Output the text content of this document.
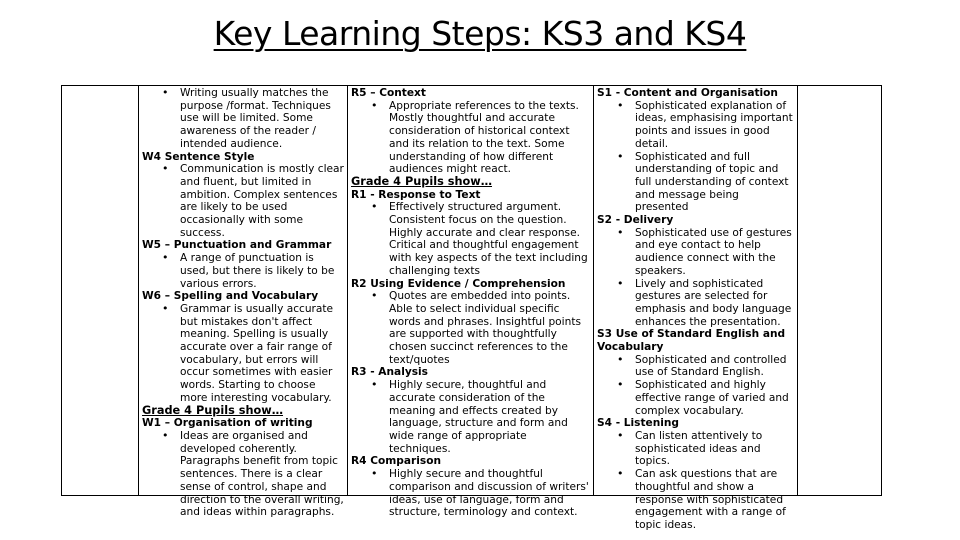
Key Learning Steps: KS3 and KS4
• Writing usually matches the purpose /format. Techniques use will be limited. Some awareness of the reader / intended audience.
W4 Sentence Style
• Communication is mostly clear and fluent, but limited in ambition. Complex sentences are likely to be used occasionally with some success.
W5 – Punctuation and Grammar
• A range of punctuation is used, but there is likely to be various errors.
W6 – Spelling and Vocabulary
• Grammar is usually accurate but mistakes don't affect meaning. Spelling is usually accurate over a fair range of vocabulary, but errors will occur sometimes with easier words. Starting to choose more interesting vocabulary.
Grade 4 Pupils show…
W1 – Organisation of writing
• Ideas are organised and developed coherently. Paragraphs benefit from topic sentences. There is a clear sense of control, shape and direction to the overall writing, and ideas within paragraphs.
R5 – Context
• Appropriate references to the texts. Mostly thoughtful and accurate consideration of historical context and its relation to the text. Some understanding of how different audiences might react.
Grade 4 Pupils show…
R1 - Response to Text
• Effectively structured argument. Consistent focus on the question. Highly accurate and clear response. Critical and thoughtful engagement with key aspects of the text including challenging texts
R2 Using Evidence / Comprehension
• Quotes are embedded into points. Able to select individual specific words and phrases. Insightful points are supported with thoughtfully chosen succinct references to the text/quotes
R3 - Analysis
• Highly secure, thoughtful and accurate consideration of the meaning and effects created by language, structure and form and wide range of appropriate techniques.
R4 Comparison
• Highly secure and thoughtful comparison and discussion of writers' ideas, use of language, form and structure, terminology and context.
S1 - Content and Organisation
• Sophisticated explanation of ideas, emphasising important points and issues in good detail.
• Sophisticated and full understanding of topic and full understanding of context and message being presented
S2 - Delivery
• Sophisticated use of gestures and eye contact to help audience connect with the speakers.
• Lively and sophisticated gestures are selected for emphasis and body language enhances the presentation.
S3 Use of Standard English and Vocabulary
• Sophisticated and controlled use of Standard English.
• Sophisticated and highly effective range of varied and complex vocabulary.
S4 - Listening
• Can listen attentively to sophisticated ideas and topics.
• Can ask questions that are thoughtful and show a response with sophisticated engagement with a range of topic ideas.
